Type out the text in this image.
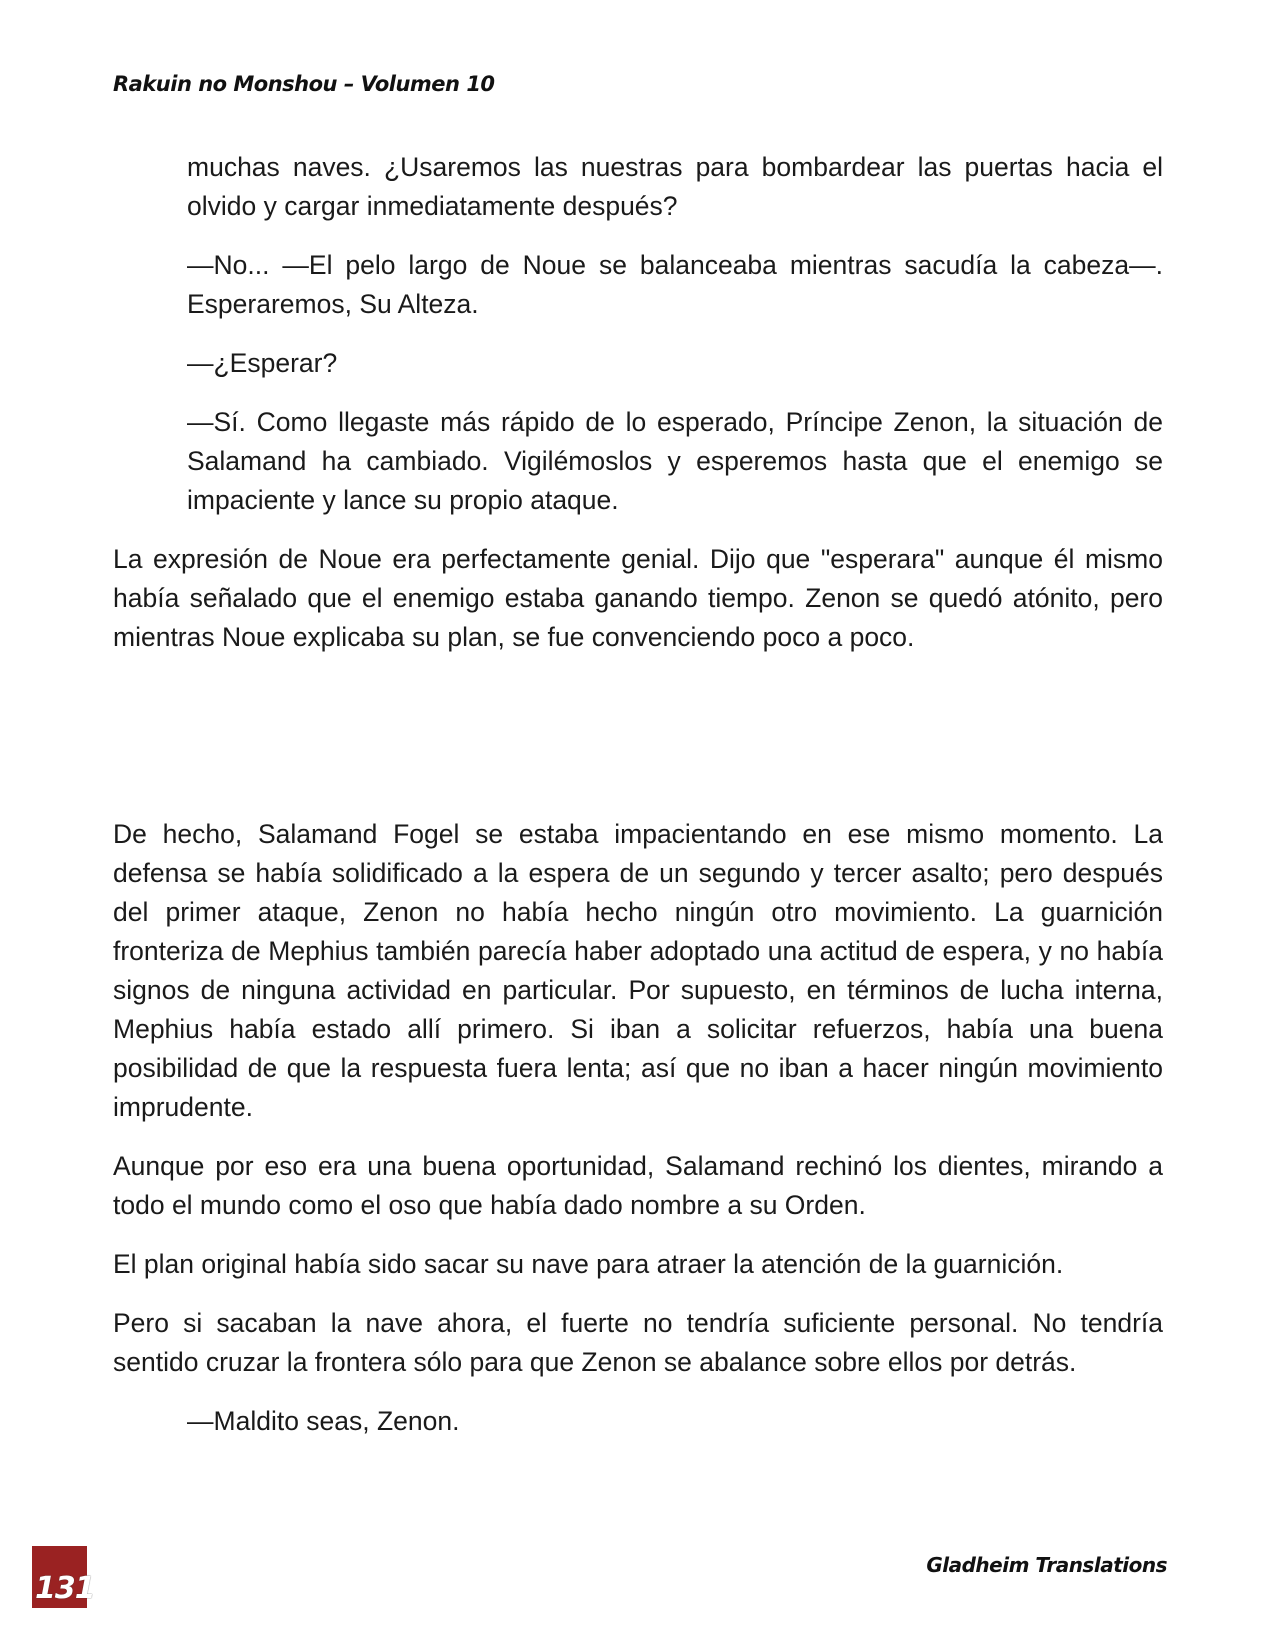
Rakuin no Monshou – Volumen 10

muchas naves. ¿Usaremos las nuestras para bombardear las puertas hacia el olvido y cargar inmediatamente después?

—No... —El pelo largo de Noue se balanceaba mientras sacudía la cabeza—. Esperaremos, Su Alteza.

—¿Esperar?

—Sí. Como llegaste más rápido de lo esperado, Príncipe Zenon, la situación de Salamand ha cambiado. Vigilémoslos y esperemos hasta que el enemigo se impaciente y lance su propio ataque.

La expresión de Noue era perfectamente genial. Dijo que "esperara" aunque él mismo había señalado que el enemigo estaba ganando tiempo. Zenon se quedó atónito, pero mientras Noue explicaba su plan, se fue convenciendo poco a poco.

De hecho, Salamand Fogel se estaba impacientando en ese mismo momento. La defensa se había solidificado a la espera de un segundo y tercer asalto; pero después del primer ataque, Zenon no había hecho ningún otro movimiento. La guarnición fronteriza de Mephius también parecía haber adoptado una actitud de espera, y no había signos de ninguna actividad en particular. Por supuesto, en términos de lucha interna, Mephius había estado allí primero. Si iban a solicitar refuerzos, había una buena posibilidad de que la respuesta fuera lenta; así que no iban a hacer ningún movimiento imprudente.

Aunque por eso era una buena oportunidad, Salamand rechinó los dientes, mirando a todo el mundo como el oso que había dado nombre a su Orden.

El plan original había sido sacar su nave para atraer la atención de la guarnición.

Pero si sacaban la nave ahora, el fuerte no tendría suficiente personal. No tendría sentido cruzar la frontera sólo para que Zenon se abalance sobre ellos por detrás.

—Maldito seas, Zenon.

131
Gladheim Translations
